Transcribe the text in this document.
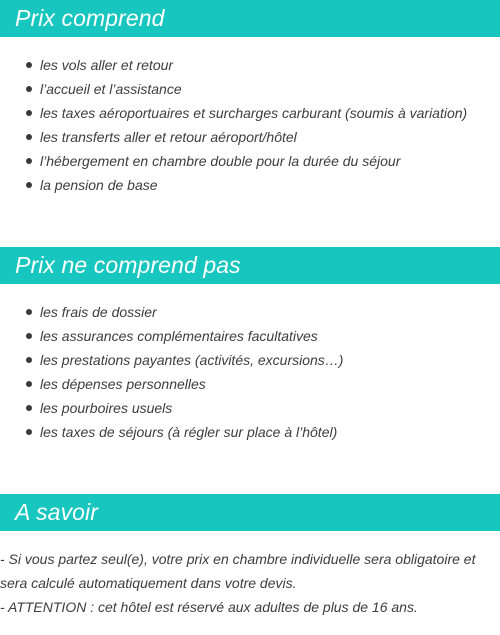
Prix comprend
les vols aller et retour
l’accueil et l’assistance
les taxes aéroportuaires et surcharges carburant (soumis à variation)
les transferts aller et retour aéroport/hôtel
l’hébergement en chambre double pour la durée du séjour
la pension de base
Prix ne comprend pas
les frais de dossier
les assurances complémentaires facultatives
les prestations payantes (activités, excursions…)
les dépenses personnelles
les pourboires usuels
les taxes de séjours (à régler sur place à l’hôtel)
A savoir

- Si vous partez seul(e), votre prix en chambre individuelle sera obligatoire et sera calculé automatiquement dans votre devis.

- ATTENTION : cet hôtel est réservé aux adultes de plus de 16 ans.
